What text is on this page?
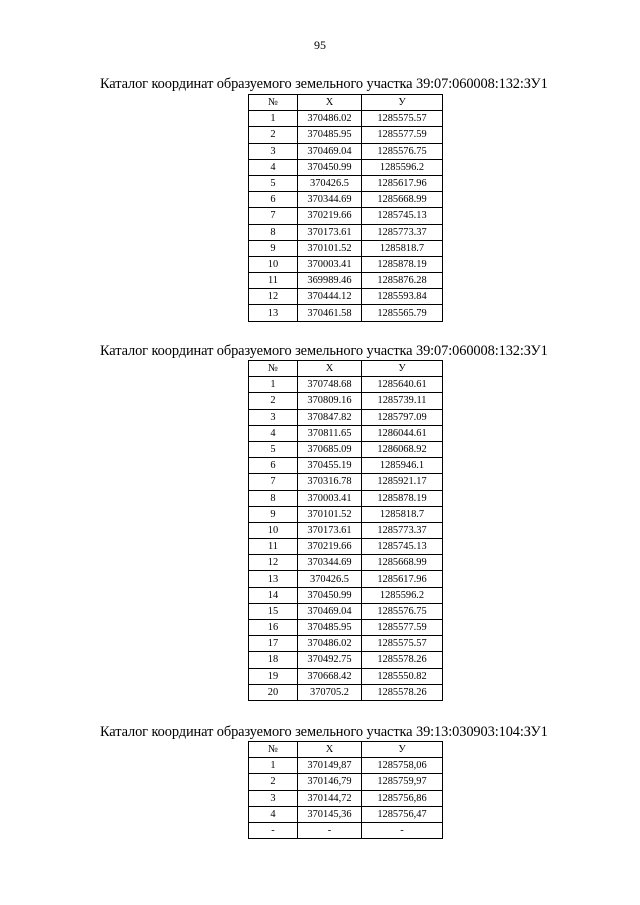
95
Каталог координат образуемого земельного участка 39:07:060008:132:ЗУ1
№	X	У
1	370486.02	1285575.57
2	370485.95	1285577.59
3	370469.04	1285576.75
4	370450.99	1285596.2
5	370426.5	1285617.96
6	370344.69	1285668.99
7	370219.66	1285745.13
8	370173.61	1285773.37
9	370101.52	1285818.7
10	370003.41	1285878.19
11	369989.46	1285876.28
12	370444.12	1285593.84
13	370461.58	1285565.79
Каталог координат образуемого земельного участка 39:07:060008:132:ЗУ1
№	X	У
1	370748.68	1285640.61
2	370809.16	1285739.11
3	370847.82	1285797.09
4	370811.65	1286044.61
5	370685.09	1286068.92
6	370455.19	1285946.1
7	370316.78	1285921.17
8	370003.41	1285878.19
9	370101.52	1285818.7
10	370173.61	1285773.37
11	370219.66	1285745.13
12	370344.69	1285668.99
13	370426.5	1285617.96
14	370450.99	1285596.2
15	370469.04	1285576.75
16	370485.95	1285577.59
17	370486.02	1285575.57
18	370492.75	1285578.26
19	370668.42	1285550.82
20	370705.2	1285578.26
Каталог координат образуемого земельного участка 39:13:030903:104:ЗУ1
№	X	У
1	370149,87	1285758,06
2	370146,79	1285759,97
3	370144,72	1285756,86
4	370145,36	1285756,47
-	-	-
